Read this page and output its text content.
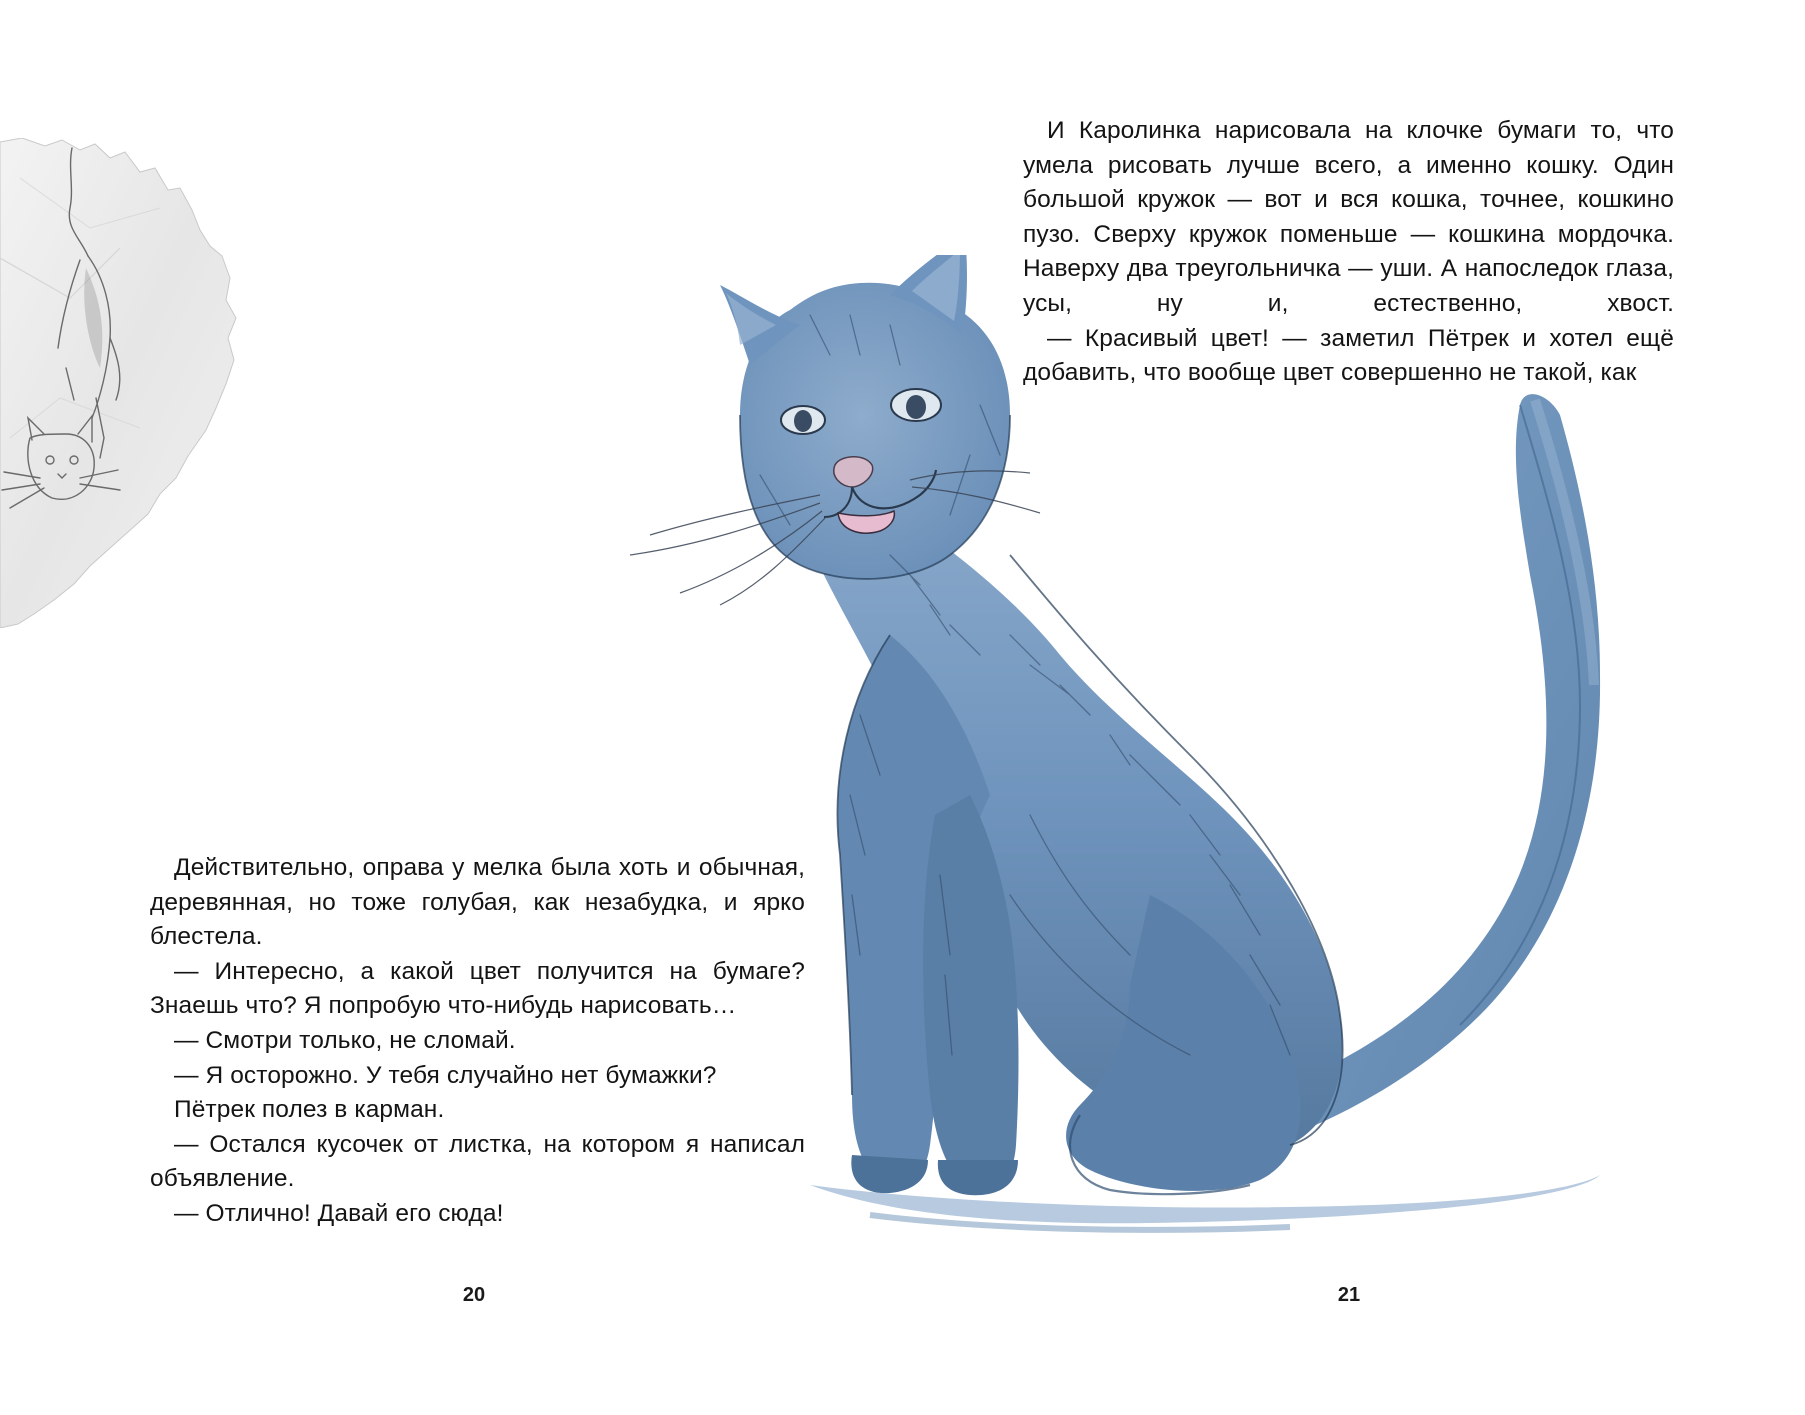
И Каролинка нарисовала на клочке бумаги то, что умела рисовать лучше всего, а именно кошку. Один большой кружок — вот и вся кошка, точнее, кошкино пузо. Сверху кружок поменьше — кошкина мордочка. Наверху два треугольничка — уши. А напоследок глаза, усы, ну и, естественно, хвост.

— Красивый цвет! — заметил Пётрек и хотел ещё добавить, что вообще цвет совершенно не такой, как

Действительно, оправа у мелка была хоть и обычная, деревянная, но тоже голубая, как незабудка, и ярко блестела.

— Интересно, а какой цвет получится на бумаге? Знаешь что? Я попробую что-нибудь нарисовать…

— Смотри только, не сломай.

— Я осторожно. У тебя случайно нет бумажки?

Пётрек полез в карман.

— Остался кусочек от листка, на котором я написал объявление.

— Отлично! Давай его сюда!

20	21
